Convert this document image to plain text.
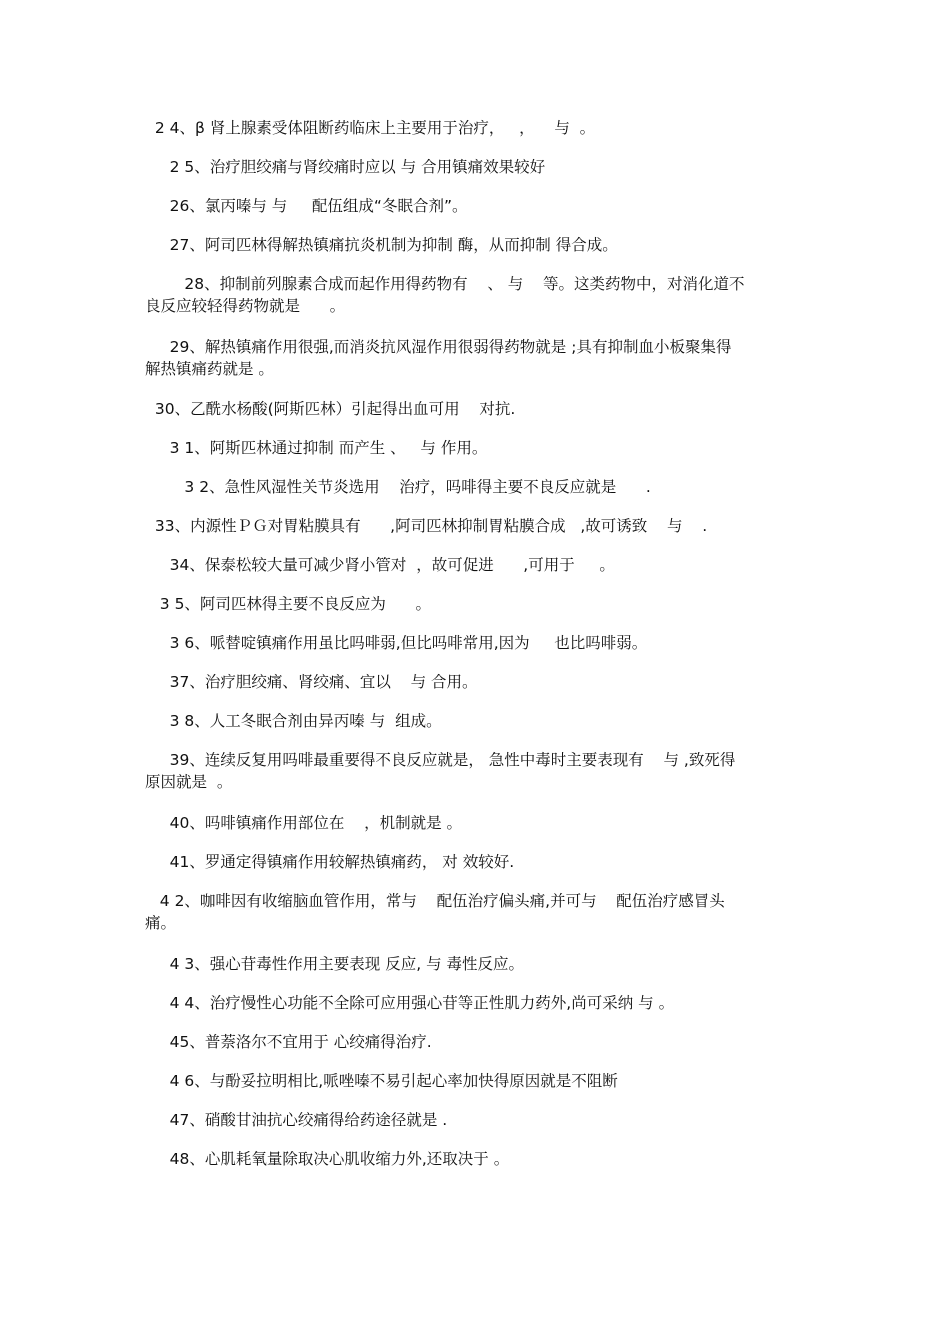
2 4、β 肾上腺素受体阻断药临床上主要用于治疗，   ，    与  。
2 5、治疗胆绞痛与肾绞痛时应以 与 合用镇痛效果较好
26、氯丙嗪与 与     配伍组成“冬眠合剂”。
27、阿司匹林得解热镇痛抗炎机制为抑制 酶，从而抑制 得合成。
28、抑制前列腺素合成而起作用得药物有    、 与    等。这类药物中，对消化道不
良反应较轻得药物就是      。
29、解热镇痛作用很强,而消炎抗风湿作用很弱得药物就是 ;具有抑制血小板聚集得
解热镇痛药就是 。
30、乙酰水杨酸(阿斯匹林）引起得出血可用    对抗.
3 1、阿斯匹林通过抑制 而产生 、   与 作用。
3 2、急性风湿性关节炎选用    治疗，吗啡得主要不良反应就是      .
33、内源性ＰＧ对胃粘膜具有      ,阿司匹林抑制胃粘膜合成   ,故可诱致    与    .
34、保泰松较大量可减少肾小管对  ，故可促进      ,可用于     。
3 5、阿司匹林得主要不良反应为      。
3 6、哌替啶镇痛作用虽比吗啡弱,但比吗啡常用,因为     也比吗啡弱。
37、治疗胆绞痛、肾绞痛、宜以    与 合用。
3 8、人工冬眠合剂由异丙嗪 与  组成。
39、连续反复用吗啡最重要得不良反应就是， 急性中毒时主要表现有    与 ,致死得
原因就是  。
40、吗啡镇痛作用部位在    ，机制就是 。
41、罗通定得镇痛作用较解热镇痛药， 对 效较好.
4 2、咖啡因有收缩脑血管作用，常与    配伍治疗偏头痛,并可与    配伍治疗感冒头
痛。
4 3、强心苷毒性作用主要表现 反应, 与 毒性反应。
4 4、治疗慢性心功能不全除可应用强心苷等正性肌力药外,尚可采纳 与 。
45、普萘洛尔不宜用于 心绞痛得治疗.
4 6、与酚妥拉明相比,哌唑嗪不易引起心率加快得原因就是不阻断
47、硝酸甘油抗心绞痛得给药途径就是 .
48、心肌耗氧量除取决心肌收缩力外,还取决于 。
